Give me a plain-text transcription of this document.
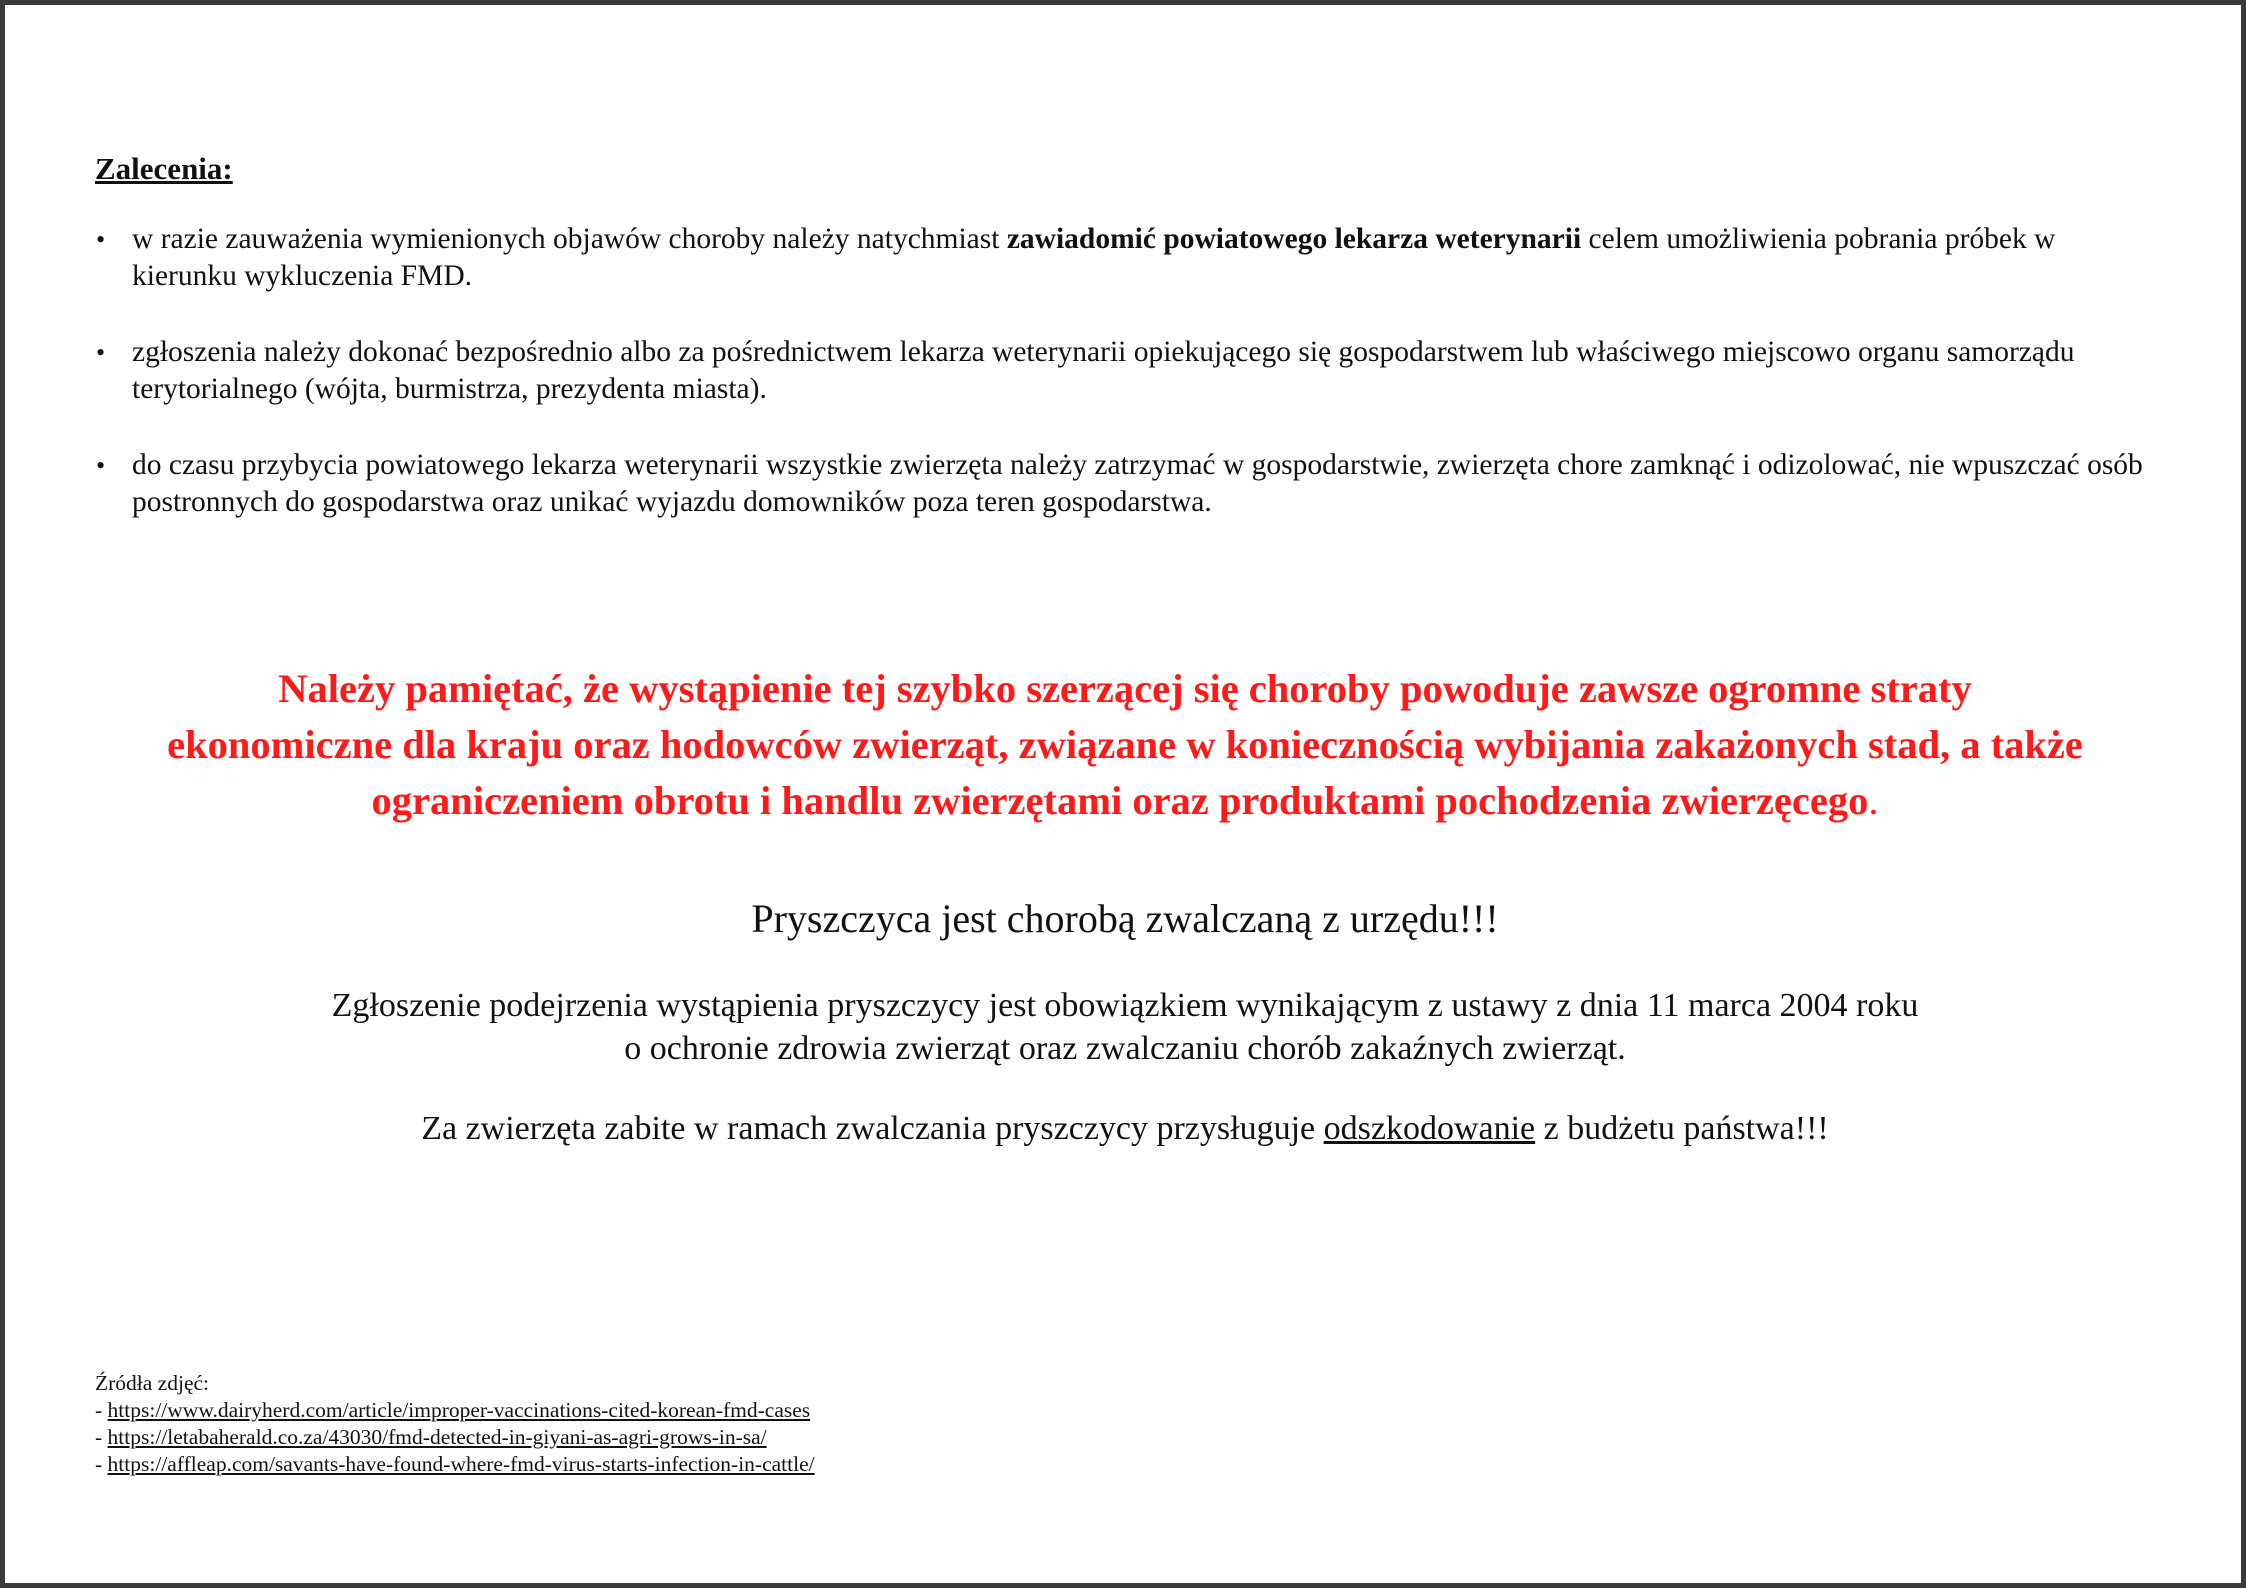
Zalecenia:
• w razie zauważenia wymienionych objawów choroby należy natychmiast zawiadomić powiatowego lekarza weterynarii celem umożliwienia pobrania próbek w kierunku wykluczenia FMD.
• zgłoszenia należy dokonać bezpośrednio albo za pośrednictwem lekarza weterynarii opiekującego się gospodarstwem lub właściwego miejscowo organu samorządu terytorialnego (wójta, burmistrza, prezydenta miasta).
• do czasu przybycia powiatowego lekarza weterynarii wszystkie zwierzęta należy zatrzymać w gospodarstwie, zwierzęta chore zamknąć i odizolować, nie wpuszczać osób postronnych do gospodarstwa oraz unikać wyjazdu domowników poza teren gospodarstwa.
Należy pamiętać, że wystąpienie tej szybko szerzącej się choroby powoduje zawsze ogromne straty
ekonomiczne dla kraju oraz hodowców zwierząt, związane w koniecznością wybijania zakażonych stad, a także
ograniczeniem obrotu i handlu zwierzętami oraz produktami pochodzenia zwierzęcego.
Pryszczyca jest chorobą zwalczaną z urzędu!!!
Zgłoszenie podejrzenia wystąpienia pryszczycy jest obowiązkiem wynikającym z ustawy z dnia 11 marca 2004 roku
o ochronie zdrowia zwierząt oraz zwalczaniu chorób zakaźnych zwierząt.
Za zwierzęta zabite w ramach zwalczania pryszczycy przysługuje odszkodowanie z budżetu państwa!!!
Źródła zdjęć:
- https://www.dairyherd.com/article/improper-vaccinations-cited-korean-fmd-cases
- https://letabaherald.co.za/43030/fmd-detected-in-giyani-as-agri-grows-in-sa/
- https://affleap.com/savants-have-found-where-fmd-virus-starts-infection-in-cattle/
